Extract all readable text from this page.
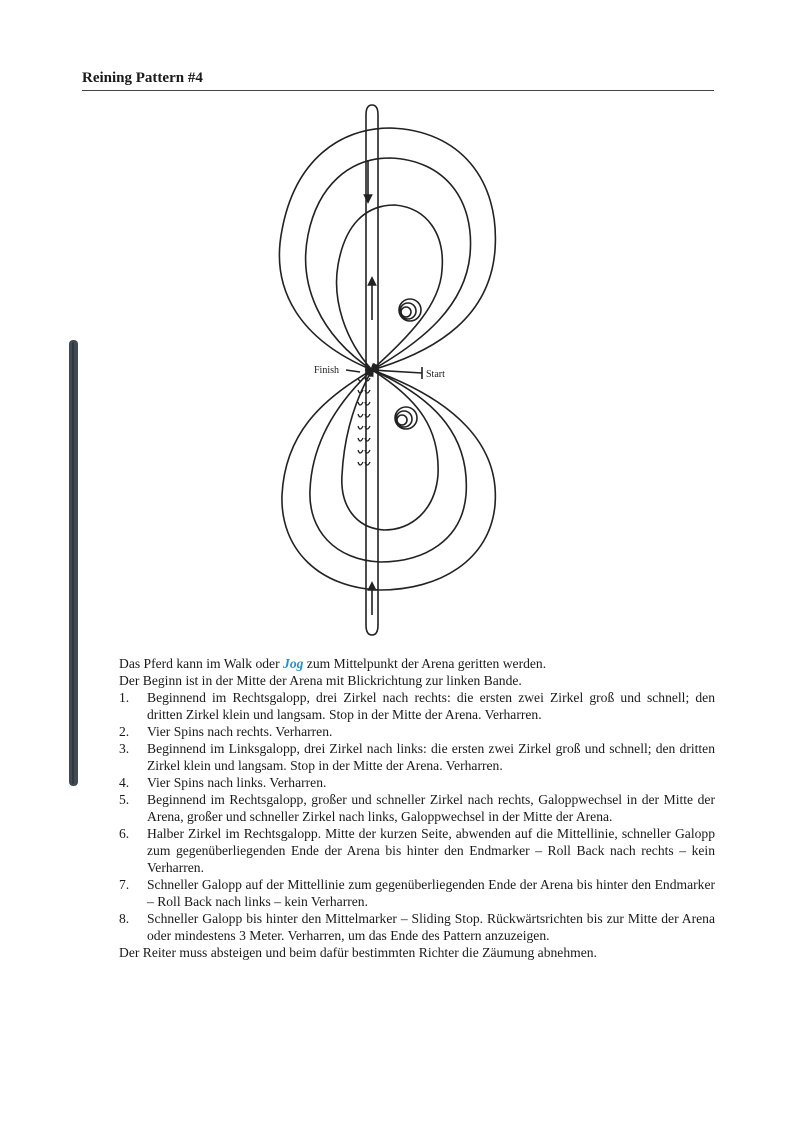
Reining Pattern #4
Finish	Start

Das Pferd kann im Walk oder Jog zum Mittelpunkt der Arena geritten werden.

Der Beginn ist in der Mitte der Arena mit Blickrichtung zur linken Bande.

1. Beginnend im Rechtsgalopp, drei Zirkel nach rechts: die ersten zwei Zirkel groß und schnell; den dritten Zirkel klein und langsam. Stop in der Mitte der Arena. Verharren.
2. Vier Spins nach rechts. Verharren.
3. Beginnend im Linksgalopp, drei Zirkel nach links: die ersten zwei Zirkel groß und schnell; den dritten Zirkel klein und langsam. Stop in der Mitte der Arena. Verharren.
4. Vier Spins nach links. Verharren.
5. Beginnend im Rechtsgalopp, großer und schneller Zirkel nach rechts, Galoppwechsel in der Mitte der Arena, großer und schneller Zirkel nach links, Galoppwechsel in der Mitte der Arena.
6. Halber Zirkel im Rechtsgalopp. Mitte der kurzen Seite, abwenden auf die Mittellinie, schneller Galopp zum gegenüberliegenden Ende der Arena bis hinter den Endmarker – Roll Back nach rechts – kein Verharren.
7. Schneller Galopp auf der Mittellinie zum gegenüberliegenden Ende der Arena bis hinter den Endmarker – Roll Back nach links – kein Verharren.
8. Schneller Galopp bis hinter den Mittelmarker – Sliding Stop. Rückwärtsrichten bis zur Mitte der Arena oder mindestens 3 Meter. Verharren, um das Ende des Pattern anzuzeigen.

Der Reiter muss absteigen und beim dafür bestimmten Richter die Zäumung abnehmen.
